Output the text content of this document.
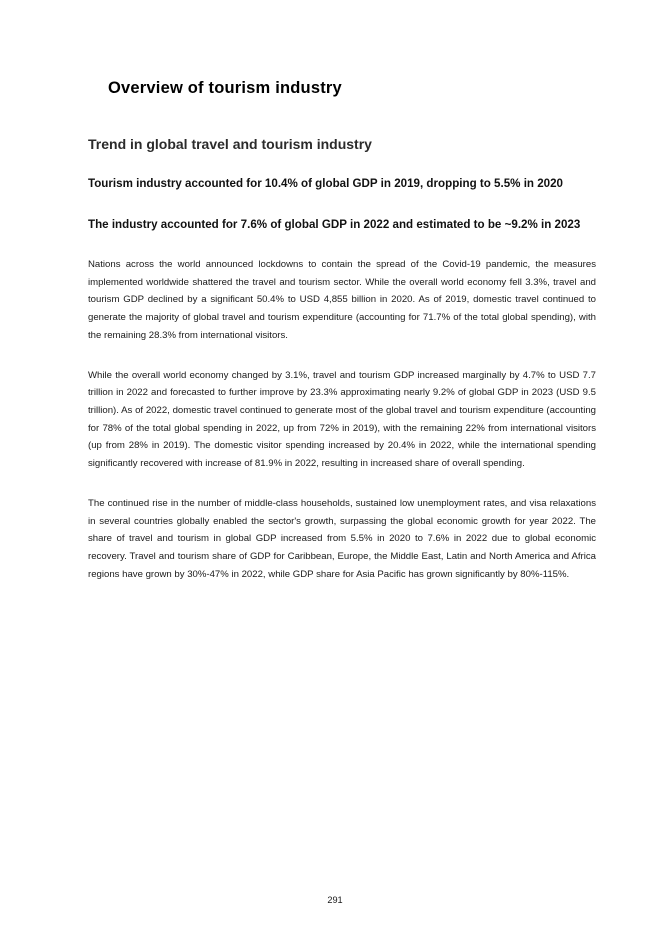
Overview of tourism industry
Trend in global travel and tourism industry

Tourism industry accounted for 10.4% of global GDP in 2019, dropping to 5.5% in 2020

The industry accounted for 7.6% of global GDP in 2022 and estimated to be ~9.2% in 2023

Nations across the world announced lockdowns to contain the spread of the Covid-19 pandemic, the measures implemented worldwide shattered the travel and tourism sector. While the overall world economy fell 3.3%, travel and tourism GDP declined by a significant 50.4% to USD 4,855 billion in 2020. As of 2019, domestic travel continued to generate the majority of global travel and tourism expenditure (accounting for 71.7% of the total global spending), with the remaining 28.3% from international visitors.

While the overall world economy changed by 3.1%, travel and tourism GDP increased marginally by 4.7% to USD 7.7 trillion in 2022 and forecasted to further improve by 23.3% approximating nearly 9.2% of global GDP in 2023 (USD 9.5 trillion). As of 2022, domestic travel continued to generate most of the global travel and tourism expenditure (accounting for 78% of the total global spending in 2022, up from 72% in 2019), with the remaining 22% from international visitors (up from 28% in 2019). The domestic visitor spending increased by 20.4% in 2022, while the international spending significantly recovered with increase of 81.9% in 2022, resulting in increased share of overall spending.

The continued rise in the number of middle-class households, sustained low unemployment rates, and visa relaxations in several countries globally enabled the sector's growth, surpassing the global economic growth for year 2022. The share of travel and tourism in global GDP increased from 5.5% in 2020 to 7.6% in 2022 due to global economic recovery. Travel and tourism share of GDP for Caribbean, Europe, the Middle East, Latin and North America and Africa regions have grown by 30%-47% in 2022, while GDP share for Asia Pacific has grown significantly by 80%-115%.

291
